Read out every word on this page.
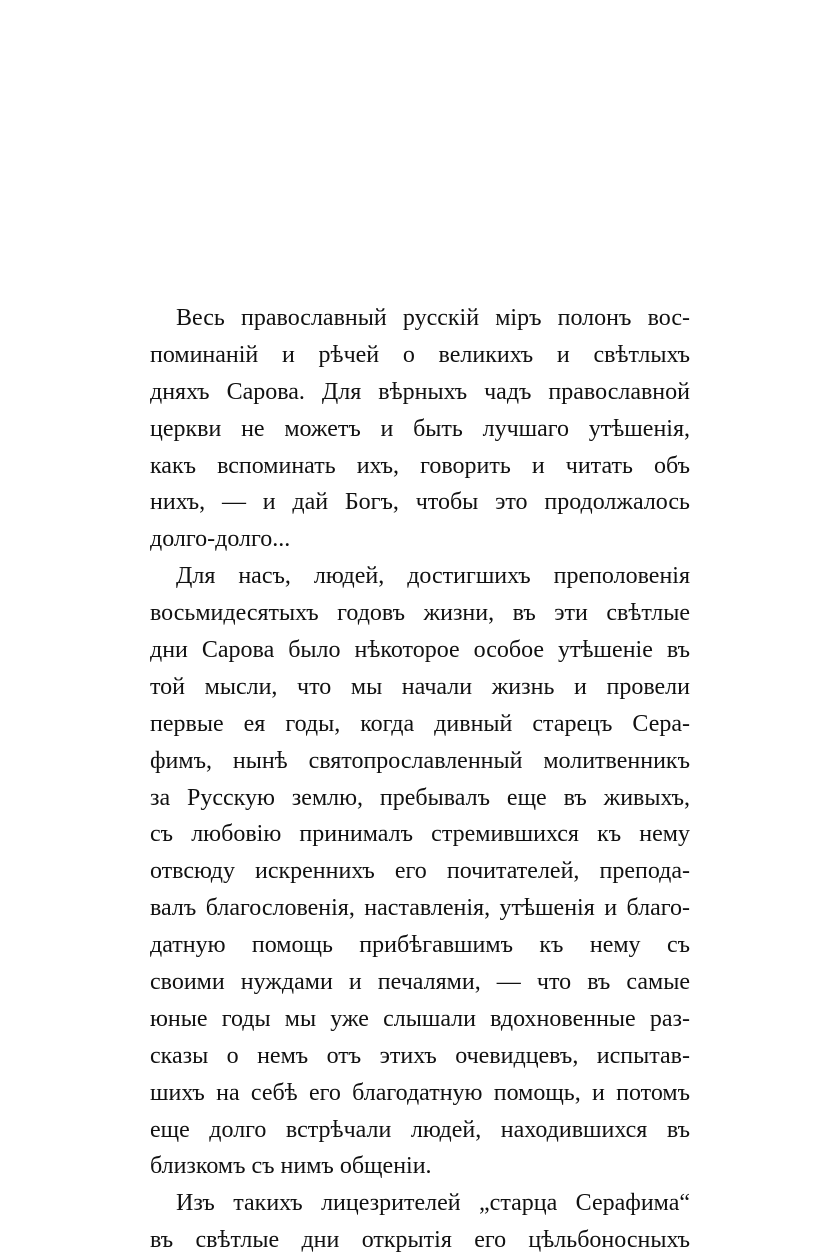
Весь православный русскій міръ полонъ вос-
поминаній и рѣчей о великихъ и свѣтлыхъ
дняхъ Сарова. Для вѣрныхъ чадъ православной
церкви не можетъ и быть лучшаго утѣшенія,
какъ вспоминать ихъ, говорить и читать объ
нихъ, — и дай Богъ, чтобы это продолжалось
долго-долго...
Для насъ, людей, достигшихъ преполовенія
восьмидесятыхъ годовъ жизни, въ эти свѣтлые
дни Сарова было нѣкоторое особое утѣшеніе въ
той мысли, что мы начали жизнь и провели
первые ея годы, когда дивный старецъ Сера-
фимъ, нынѣ святопрославленный молитвенникъ
за Русскую землю, пребывалъ еще въ живыхъ,
съ любовію принималъ стремившихся къ нему
отвсюду искреннихъ его почитателей, препода-
валъ благословенія, наставленія, утѣшенія и благо-
датную помощь прибѣгавшимъ къ нему съ
своими нуждами и печалями, — что въ самые
юные годы мы уже слышали вдохновенные раз-
сказы о немъ отъ этихъ очевидцевъ, испытав-
шихъ на себѣ его благодатную помощь, и потомъ
еще долго встрѣчали людей, находившихся въ
близкомъ съ нимъ общеніи.
Изъ такихъ лицезрителей „старца Серафима“
въ свѣтлые дни открытія его цѣльбоносныхъ
